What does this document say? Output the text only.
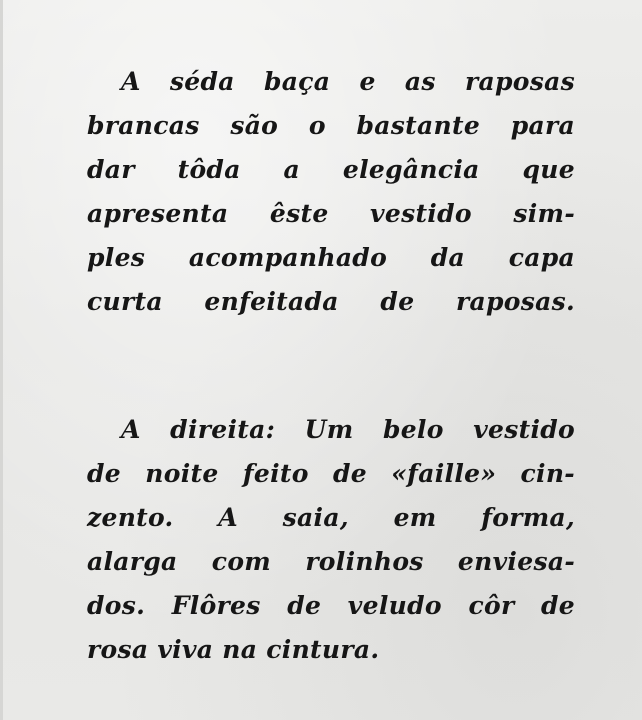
A séda baça e as raposas
brancas são o bastante para
dar tôda a elegância que
apresenta êste vestido sim-
ples acompanhado da capa
curta enfeitada de raposas.

A direita: Um belo vestido
de noite feito de «faille» cin-
zento. A saia, em forma,
alarga com rolinhos enviesa-
dos. Flôres de veludo côr de
rosa viva na cintura.
